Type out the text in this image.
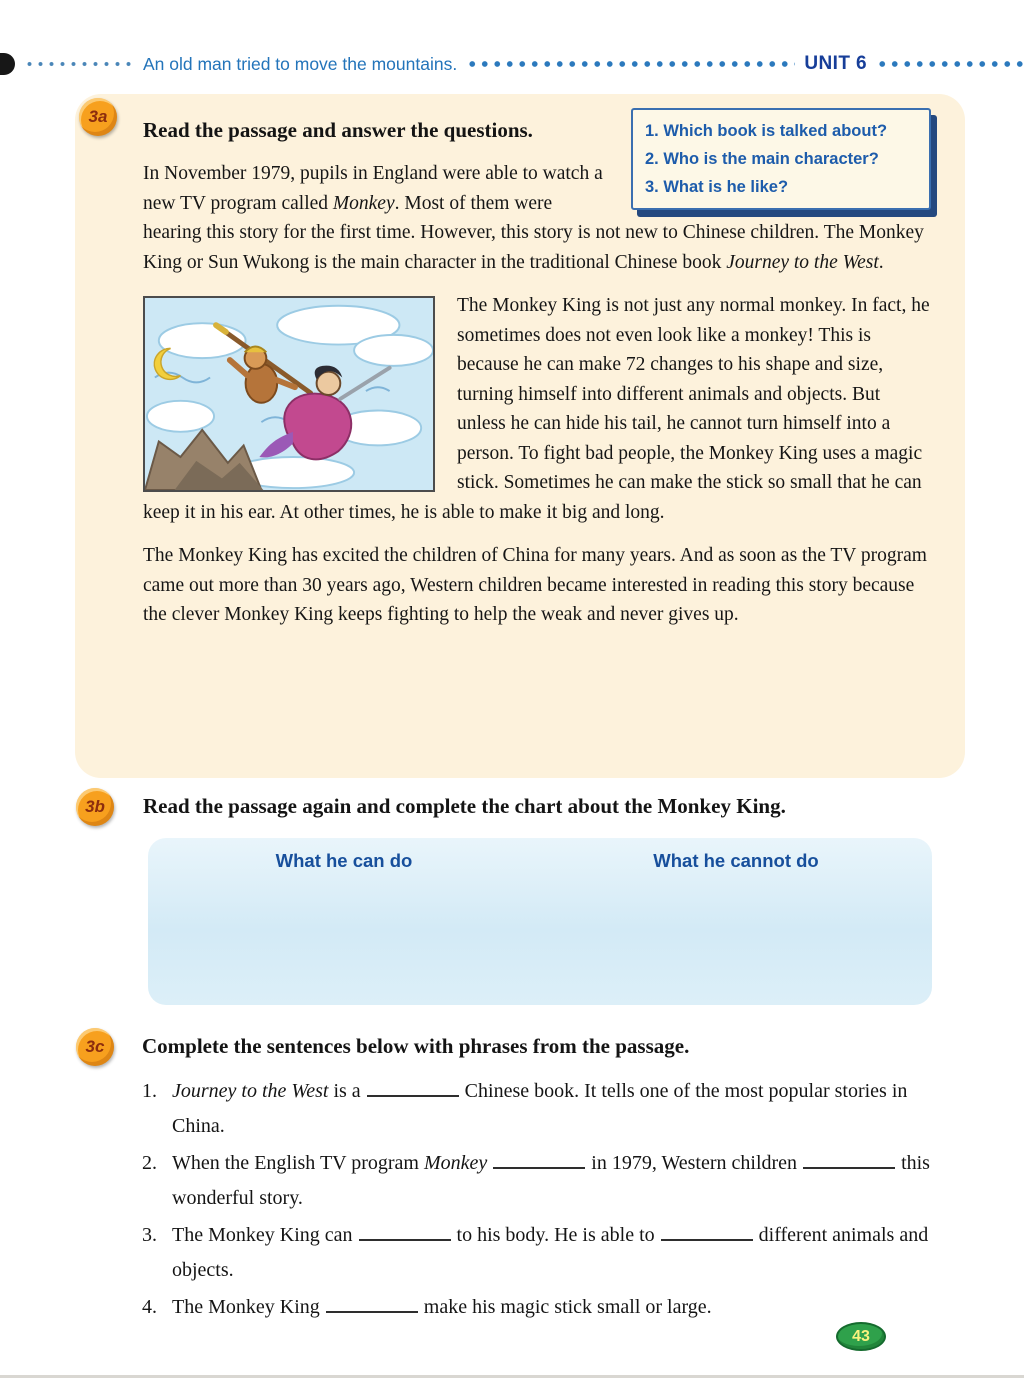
An old man tried to move the mountains.	UNIT 6
3a
3b
3c
1. Which book is talked about?
2. Who is the main character?
3. What is he like?
Read the passage and answer the questions.

In November 1979, pupils in England were able to watch a new TV program called Monkey. Most of them were hearing this story for the first time. However, this story is not new to Chinese children. The Monkey King or Sun Wukong is the main character in the traditional Chinese book Journey to the West.

The Monkey King is not just any normal monkey. In fact, he sometimes does not even look like a monkey! This is because he can make 72 changes to his shape and size, turning himself into different animals and objects. But unless he can hide his tail, he cannot turn himself into a person. To fight bad people, the Monkey King uses a magic stick. Sometimes he can make the stick so small that he can keep it in his ear. At other times, he is able to make it big and long.

The Monkey King has excited the children of China for many years. And as soon as the TV program came out more than 30 years ago, Western children became interested in reading this story because the clever Monkey King keeps fighting to help the weak and never gives up.

Read the passage again and complete the chart about the Monkey King.
What he can do	What he cannot do
Complete the sentences below with phrases from the passage.
1. Journey to the West is a	Chinese book. It tells one of the most popular stories in China.
2. When the English TV program Monkey	in 1979, Western children	this wonderful story.
3. The Monkey King can	to his body. He is able to	different animals and objects.
4. The Monkey King	make his magic stick small or large.
43
